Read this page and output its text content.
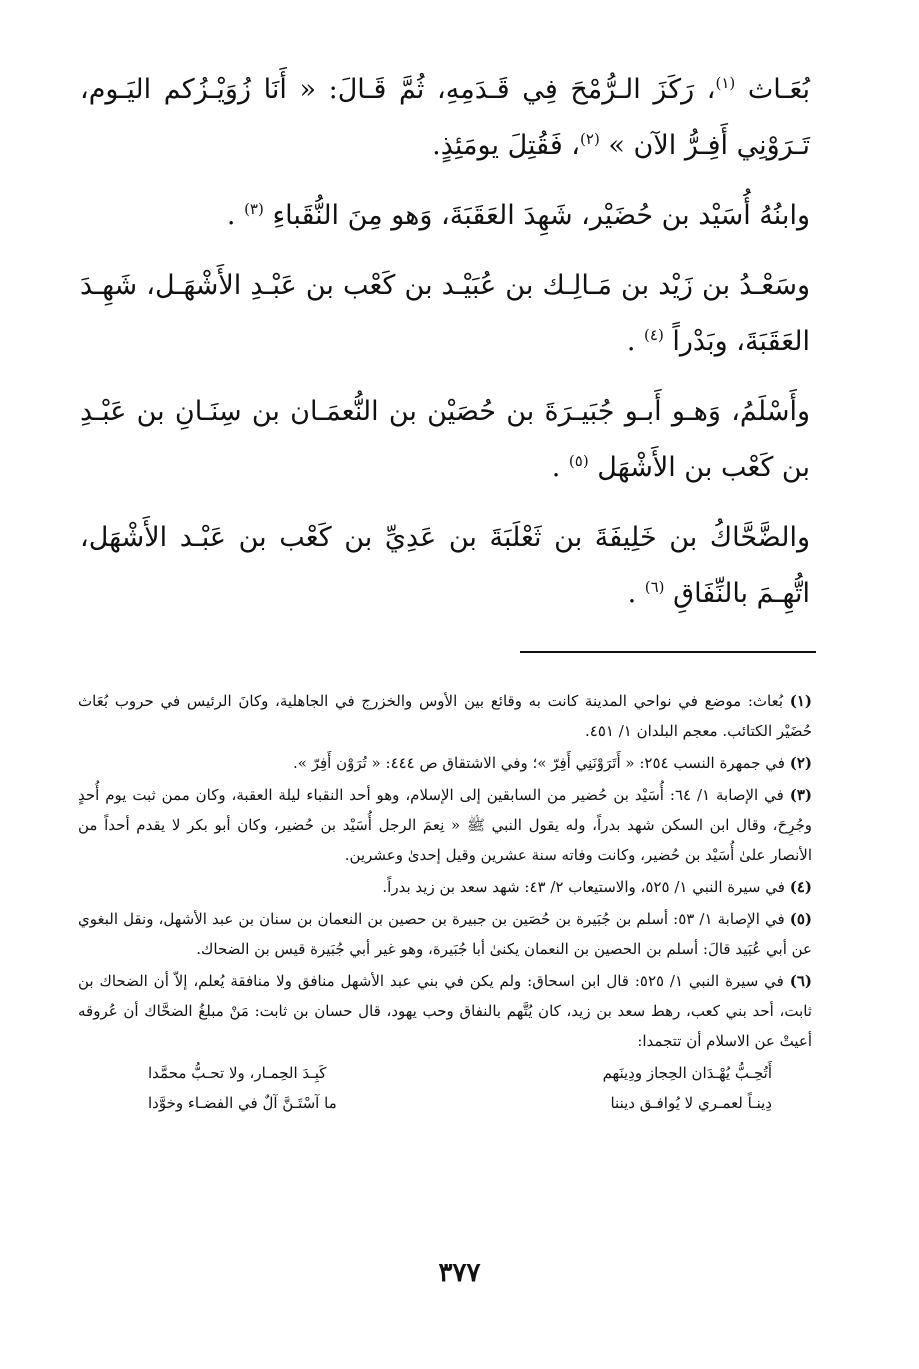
بُعَـاث $^{(١)}$، رَكَزَ الـرُّمْحَ فِي قَـدَمِهِ، ثُمَّ قَـالَ: « أَنَا زُوَيْـزُكم اليَـوم، تَـرَوْنِي أَفِـرُّ الآن » $^{(٢)}$، فَقُتِلَ يومَئِذٍ.

وابنُهُ أُسَيْد بن حُضَيْر، شَهِدَ العَقَبَةَ، وَهو مِنَ النُّقَباءِ $^{(٣)}$ .

وسَعْـدُ بن زَيْد بن مَـالِـك بن عُبَيْـد بن كَعْب بن عَبْـدِ الأَشْهَـل، شَهِـدَ العَقَبَةَ، وبَدْراً $^{(٤)}$ .

وأَسْلَمُ، وَهـو أَبـو جُبَيـرَةَ بن حُصَيْن بن النُّعمَـان بن سِنَـانِ بن عَبْـدِ بن كَعْب بن الأَشْهَل $^{(٥)}$ .

والضَّحَّاكُ بن خَلِيفَةَ بن ثَعْلَبَةَ بن عَدِيِّ بن كَعْب بن عَبْـد الأَشْهَل، اتُّهِـمَ بالنِّفَاقِ $^{(٦)}$ .

(١) بُعاث: موضع في نواحي المدينة كانت به وقائع بين الأوس والخزرج في الجاهلية، وكانَ الرئيس في حروب بُعَاث حُضَيْر الكتائب. معجم البلدان ١/ ٤٥١.

(٢) في جمهرة النسب ٢٥٤: « أَتَرَوْنَنِي أَفِرّ »؛ وفي الاشتقاق ص ٤٤٤: « تُرَوْن أَفِرّ ».

(٣) في الإصابة ١/ ٦٤: أُسَيْد بن حُضير من السابقين إلى الإسلام، وهو أحد النقباء ليلة العقبة، وكان ممن ثبت يوم أُحدٍ وجُرِحَ، وقال ابن السكن شهد بدراً، وله يقول النبي ﷺ « نِعمَ الرجل أُسَيْد بن حُضير، وكان أبو بكر لا يقدم أحداً من الأنصار علىٰ أُسَيْد بن حُضير، وكانت وفاته سنة عشرين وقيل إحدىٰ وعشرين.

(٤) في سيرة النبي ١/ ٥٢٥، والاستيعاب ٢/ ٤٣: شهد سعد بن زيد بدراً.

(٥) في الإصابة ١/ ٥٣: أسلم بن جُبَيرة بن حُصَين بن جبيرة بن حصين بن النعمان بن سنان بن عبد الأشهل، ونقل البغوي عن أبي عُبَيد قالَ: أسلم بن الحصين بن النعمان يكنىٰ أبا جُبَيرة، وهو غير أبي جُبَيرة قيس بن الضحاك.

(٦) في سيرة النبي ١/ ٥٢٥: قال ابن اسحاق: ولم يكن في بني عبد الأشهل منافق ولا منافقة يُعلم، إلاّ أن الضحاك بن ثابت، أحد بني كعب، رهط سعد بن زيد، كان يُتَّهم بالنفاق وحب يهود، قال حسان بن ثابت: مَنْ مبلغُ الضحَّاك أن عُروقه أعيتْ عن الاسلام أن تتجمدا:

أَتُحِـبُّ يُهْـدَان الحِجاز ودِينَهم
كَبِـدَ الحِمـار، ولا تحـبُّ محمَّدا
دِينـاً لعمـري لا يُوافـق ديننا
ما آسْتَـنَّ آلٌ في الفضـاء وخوَّدا
٣٧٧
